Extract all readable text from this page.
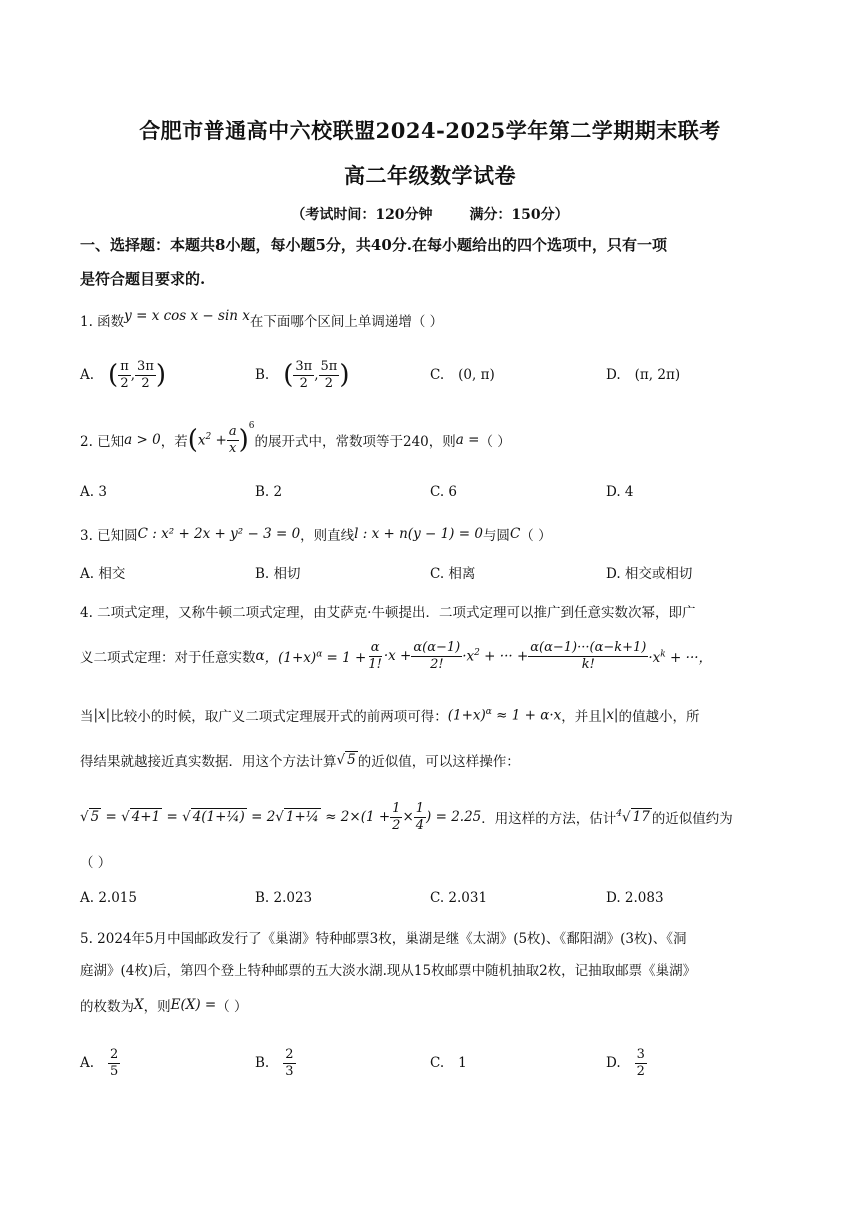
合肥市普通高中六校联盟2024-2025学年第二学期期末联考
高二年级数学试卷
（考试时间：120分钟	满分：150分）
一、选择题：本题共8小题，每小题5分，共40分.在每小题给出的四个选项中，只有一项
是符合题目要求的.
1. 函数y = x cos x − sin x在下面哪个区间上单调递增（ ）
A. ( $\frac{\pi}{2}$ , $\frac{3\pi}{2}$ )	B. ( $\frac{3\pi}{2}$ , $\frac{5\pi}{2}$ )	C. (0, π)	D. (π, 2π)
2. 已知 a > 0 ，若 ( $x^2 + \frac{a}{x} )^6$
的展开式中，常数项等于240，则 a = （ ）
A. 3	B. 2	C. 6	D. 4
3. 已知圆 C : x² + 2x + y² − 3 = 0 ，则直线 l : x + n(y − 1) = 0 与圆 C （ ）
A. 相交	B. 相切	C. 相离	D. 相交或相切
4. 二项式定理，又称牛顿二项式定理，由艾萨克·牛顿提出．二项式定理可以推广到任意实数次幂，即广
义二项式定理：对于任意实数 α ，$(1+x)^\alpha = 1 + \frac{\alpha}{1!} \cdot x + \frac{\alpha(\alpha-1)}{2!} \cdot x^2$ + ··· + $\frac{\alpha(\alpha-1)\cdot\cdot\cdot(\alpha-k+1)}{k!} \cdot x^k$ + ···，
当 |x| 比较小的时候，取广义二项式定理展开式的前两项可得： $(1+x)^\alpha \approx 1 + \alpha\cdot x$ ，并且 |x| 的值越小，所
得结果就越接近真实数据．用这个方法计算 √ 5 的近似值，可以这样操作：
√ 5 = √ 4+1 = √ 4(1+¼) = 2√ 1+¼ ≈ $2\times(1 + \frac{1}{2} \times \frac{1}{4}$ ) = 2.25 ．用这样的方法，估计 $^4$√ 17 的近似值约为
（ ）
A. 2.015	B. 2.023	C. 2.031	D. 2.083
5. 2024年5月中国邮政发行了《巢湖》特种邮票3枚，巢湖是继《太湖》(5枚)、《鄱阳湖》(3枚)、《洞
庭湖》(4枚)后，第四个登上特种邮票的五大淡水湖.现从15枚邮票中随机抽取2枚，记抽取邮票《巢湖》
的枚数为 X ，则 E(X) = （ ）
A. $\frac{2}{5}$	B. $\frac{2}{3}$	C. 1	D. $\frac{3}{2}$
